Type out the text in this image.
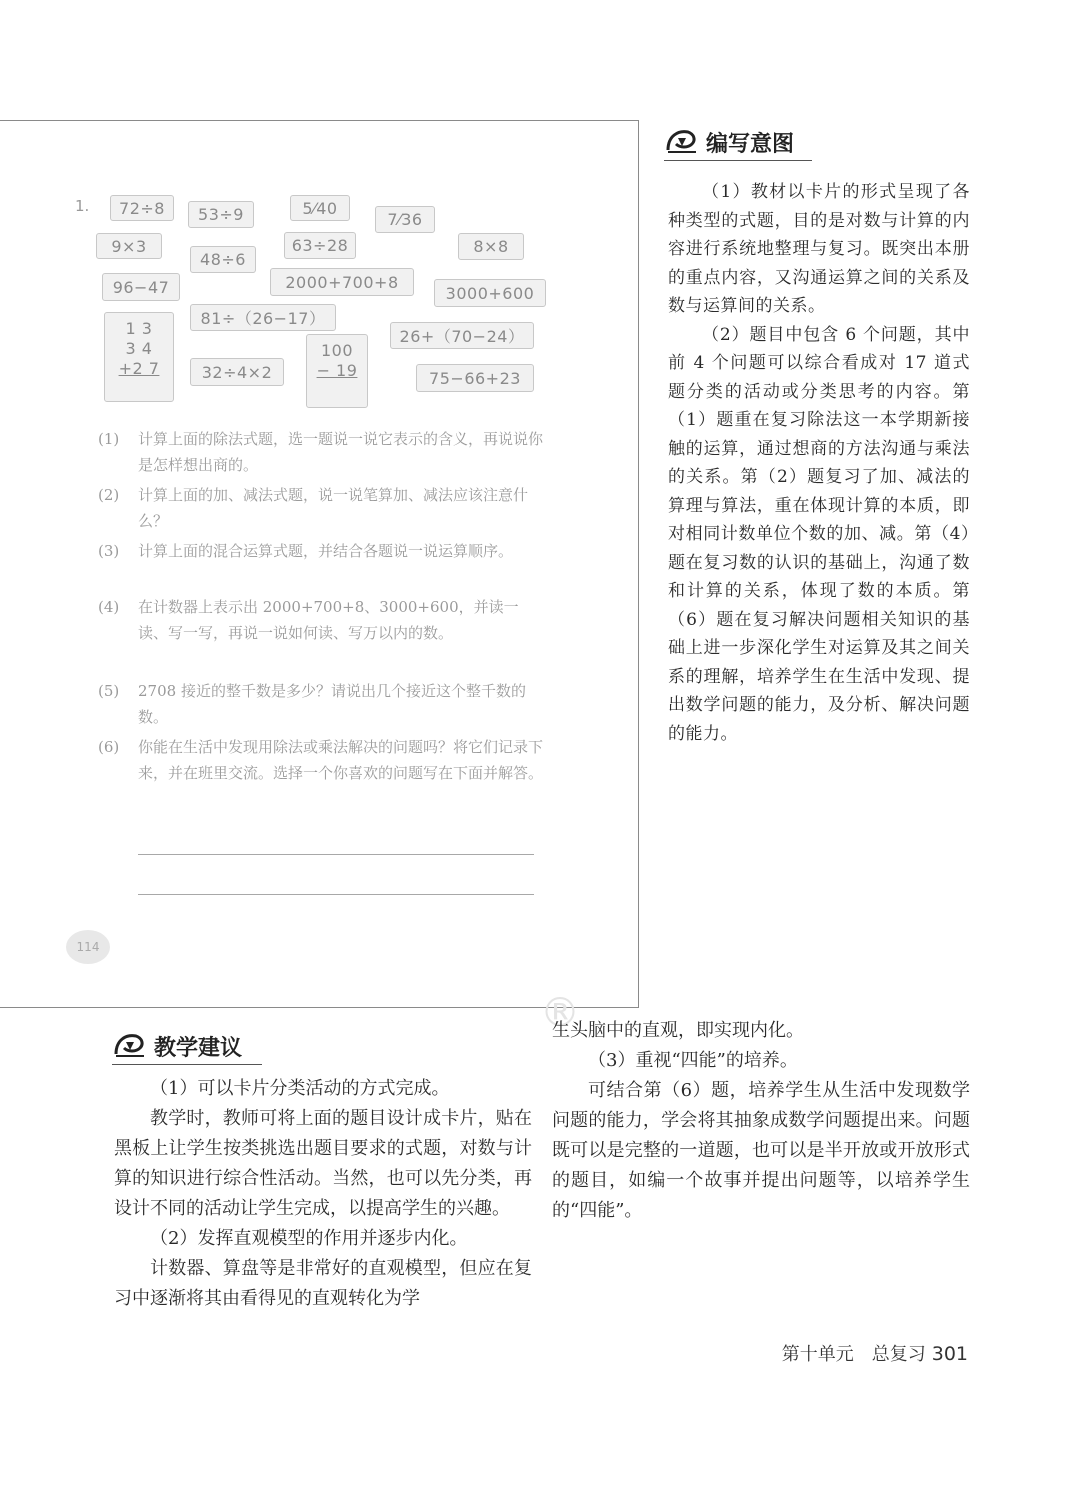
1.	72÷8	53÷9	5⁄40
7⁄36
9×3
48÷6
63÷28	8×8
96−47	2000+700+8
3000+600
81÷（26−17）
26+（70−24）
32÷4×2	75−66+23
1 3
3 4
+2 7
100
− 19
(1)	计算上面的除法式题，选一题说一说它表示的含义，再说说你是怎样想出商的。
(2)	计算上面的加、减法式题，说一说笔算加、减法应该注意什么？
(3)	计算上面的混合运算式题，并结合各题说一说运算顺序。
(4)	在计数器上表示出 2000+700+8、3000+600，并读一读、写一写，再说一说如何读、写万以内的数。
(5)	2708 接近的整千数是多少？请说出几个接近这个整千数的数。
(6)	你能在生活中发现用除法或乘法解决的问题吗？将它们记录下来，并在班里交流。选择一个你喜欢的问题写在下面并解答。
114
编写意图

（1）教材以卡片的形式呈现了各种类型的式题，目的是对数与计算的内容进行系统地整理与复习。既突出本册的重点内容，又沟通运算之间的关系及数与运算间的关系。

（2）题目中包含 6 个问题，其中前 4 个问题可以综合看成对 17 道式题分类的活动或分类思考的内容。第（1）题重在复习除法这一本学期新接触的运算，通过想商的方法沟通与乘法的关系。第（2）题复习了加、减法的算理与算法，重在体现计算的本质，即对相同计数单位个数的加、减。第（4）题在复习数的认识的基础上，沟通了数和计算的关系，体现了数的本质。第（6）题在复习解决问题相关知识的基础上进一步深化学生对运算及其之间关系的理解，培养学生在生活中发现、提出数学问题的能力，及分析、解决问题的能力。

®
教学建议

（1）可以卡片分类活动的方式完成。

教学时，教师可将上面的题目设计成卡片，贴在黑板上让学生按类挑选出题目要求的式题，对数与计算的知识进行综合性活动。当然，也可以先分类，再设计不同的活动让学生完成，以提高学生的兴趣。

（2）发挥直观模型的作用并逐步内化。

计数器、算盘等是非常好的直观模型，但应在复习中逐渐将其由看得见的直观转化为学

生头脑中的直观，即实现内化。

（3）重视“四能”的培养。

可结合第（6）题，培养学生从生活中发现数学问题的能力，学会将其抽象成数学问题提出来。问题既可以是完整的一道题，也可以是半开放或开放形式的题目，如编一个故事并提出问题等，以培养学生的“四能”。

第十单元　总复习 301
